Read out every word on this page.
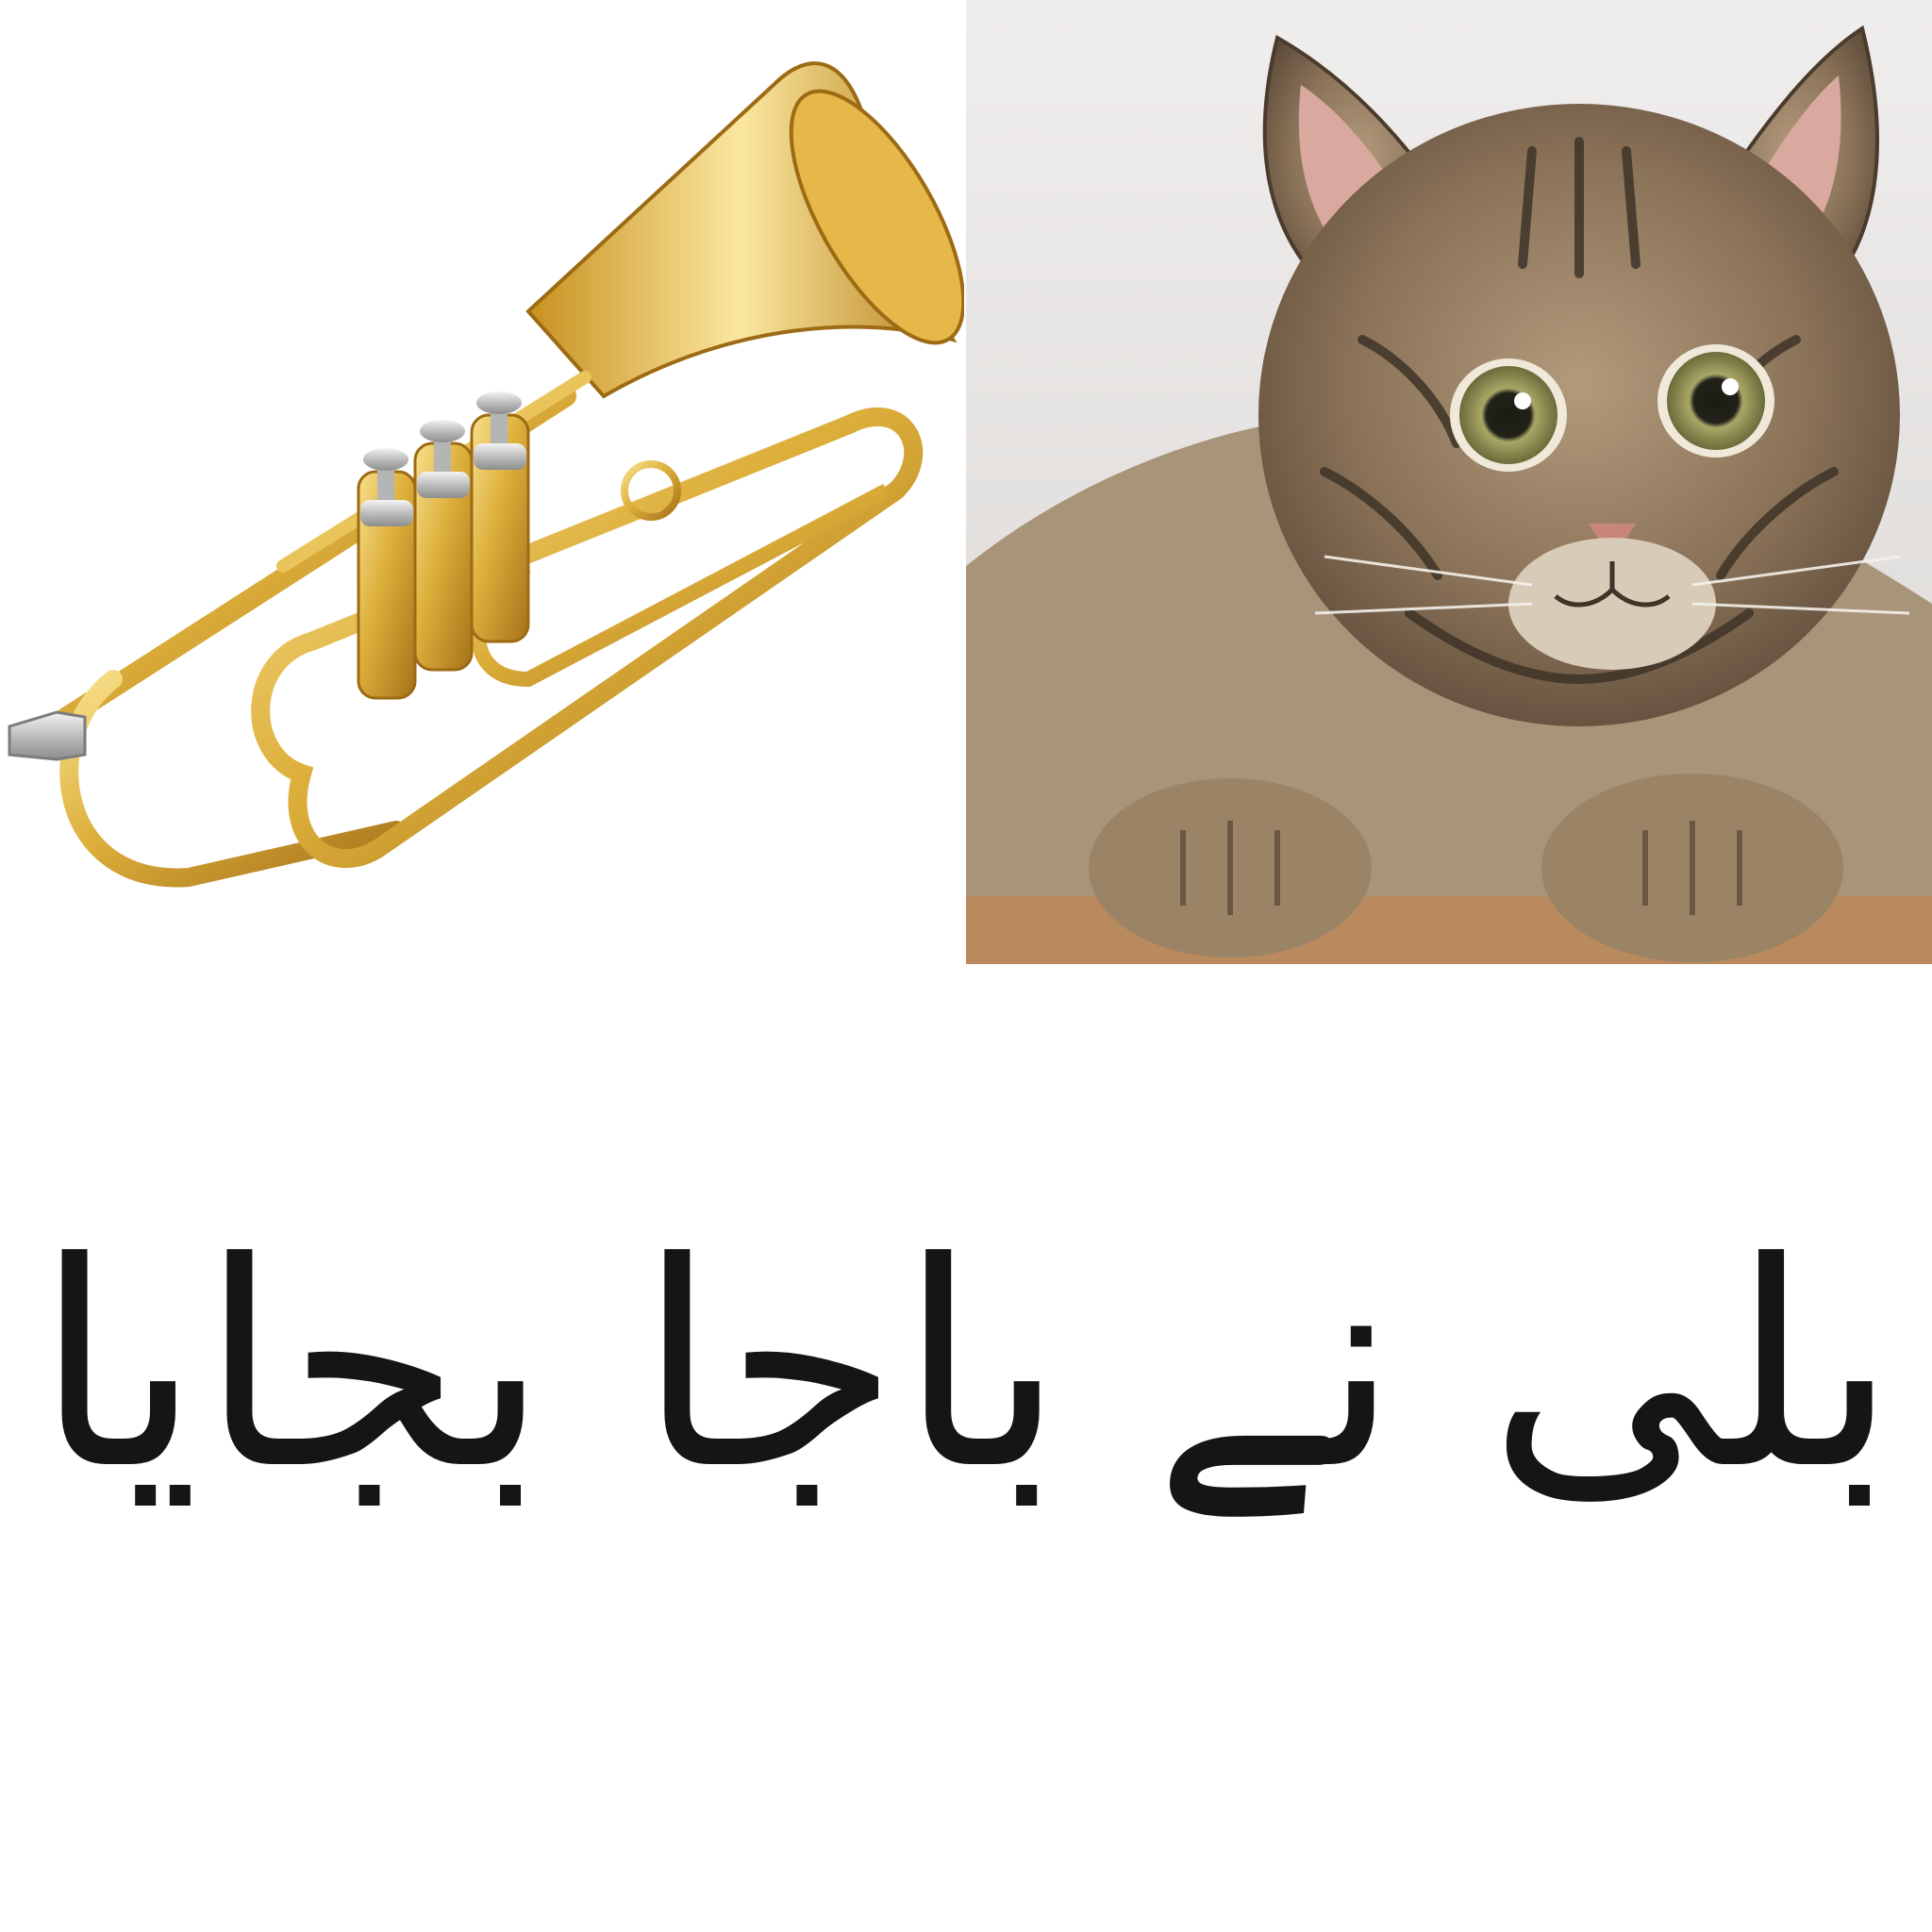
بلی نے باجا بجایا
